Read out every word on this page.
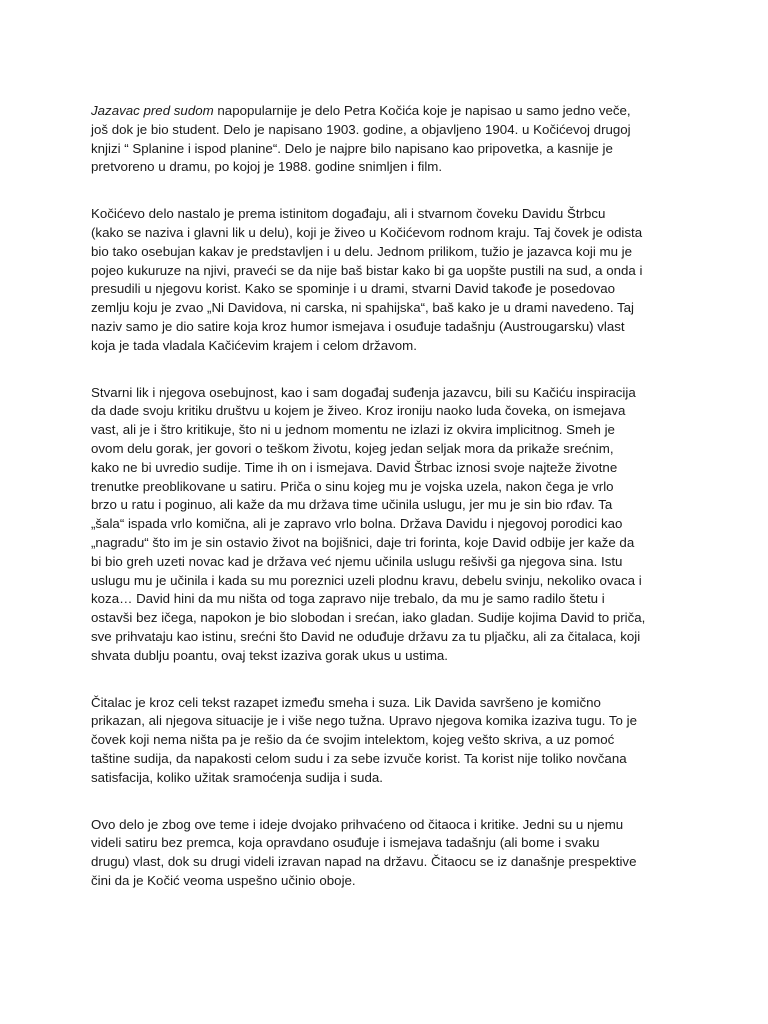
Jazavac pred sudom napopularnije je delo Petra Kočića koje je napisao u samo jedno veče,
još dok je bio student. Delo je napisano 1903. godine, a objavljeno 1904. u Kočićevoj drugoj
knjizi “ Splanine i ispod planine“. Delo je najpre bilo napisano kao pripovetka, a kasnije je
pretvoreno u dramu, po kojoj je 1988. godine snimljen i film.

Kočićevo delo nastalo je prema istinitom događaju, ali i stvarnom čoveku Davidu Štrbcu
(kako se naziva i glavni lik u delu), koji je živeo u Kočićevom rodnom kraju. Taj čovek je odista
bio tako osebujan kakav je predstavljen i u delu. Jednom prilikom, tužio je jazavca koji mu je
pojeo kukuruze na njivi, praveći se da nije baš bistar kako bi ga uopšte pustili na sud, a onda i
presudili u njegovu korist. Kako se spominje i u drami, stvarni David takođe je posedovao
zemlju koju je zvao „Ni Davidova, ni carska, ni spahijska“, baš kako je u drami navedeno. Taj
naziv samo je dio satire koja kroz humor ismejava i osuđuje tadašnju (Austrougarsku) vlast
koja je tada vladala Kačićevim krajem i celom državom.

Stvarni lik i njegova osebujnost, kao i sam događaj suđenja jazavcu, bili su Kačiću inspiracija
da dade svoju kritiku društvu u kojem je živeo. Kroz ironiju naoko luda čoveka, on ismejava
vast, ali je i štro kritikuje, što ni u jednom momentu ne izlazi iz okvira implicitnog. Smeh je
ovom delu gorak, jer govori o teškom životu, kojeg jedan seljak mora da prikaže srećnim,
kako ne bi uvredio sudije. Time ih on i ismejava. David Štrbac iznosi svoje najteže životne
trenutke preoblikovane u satiru. Priča o sinu kojeg mu je vojska uzela, nakon čega je vrlo
brzo u ratu i poginuo, ali kaže da mu država time učinila uslugu, jer mu je sin bio rđav. Ta
„šala“ ispada vrlo komična, ali je zapravo vrlo bolna. Država Davidu i njegovoj porodici kao
„nagradu“ što im je sin ostavio život na bojišnici, daje tri forinta, koje David odbije jer kaže da
bi bio greh uzeti novac kad je država već njemu učinila uslugu rešivši ga njegova sina. Istu
uslugu mu je učinila i kada su mu poreznici uzeli plodnu kravu, debelu svinju, nekoliko ovaca i
koza… David hini da mu ništa od toga zapravo nije trebalo, da mu je samo radilo štetu i
ostavši bez ičega, napokon je bio slobodan i srećan, iako gladan. Sudije kojima David to priča,
sve prihvataju kao istinu, srećni što David ne oduđuje državu za tu pljačku, ali za čitalaca, koji
shvata dublju poantu, ovaj tekst izaziva gorak ukus u ustima.

Čitalac je kroz celi tekst razapet između smeha i suza. Lik Davida savršeno je komično
prikazan, ali njegova situacije je i više nego tužna. Upravo njegova komika izaziva tugu. To je
čovek koji nema ništa pa je rešio da će svojim intelektom, kojeg vešto skriva, a uz pomoć
taštine sudija, da napakosti celom sudu i za sebe izvuče korist. Ta korist nije toliko novčana
satisfacija, koliko užitak sramoćenja sudija i suda.

Ovo delo je zbog ove teme i ideje dvojako prihvaćeno od čitaoca i kritike. Jedni su u njemu
videli satiru bez premca, koja opravdano osuđuje i ismejava tadašnju (ali bome i svaku
drugu) vlast, dok su drugi videli izravan napad na državu. Čitaocu se iz današnje prespektive
čini da je Kočić veoma uspešno učinio oboje.
